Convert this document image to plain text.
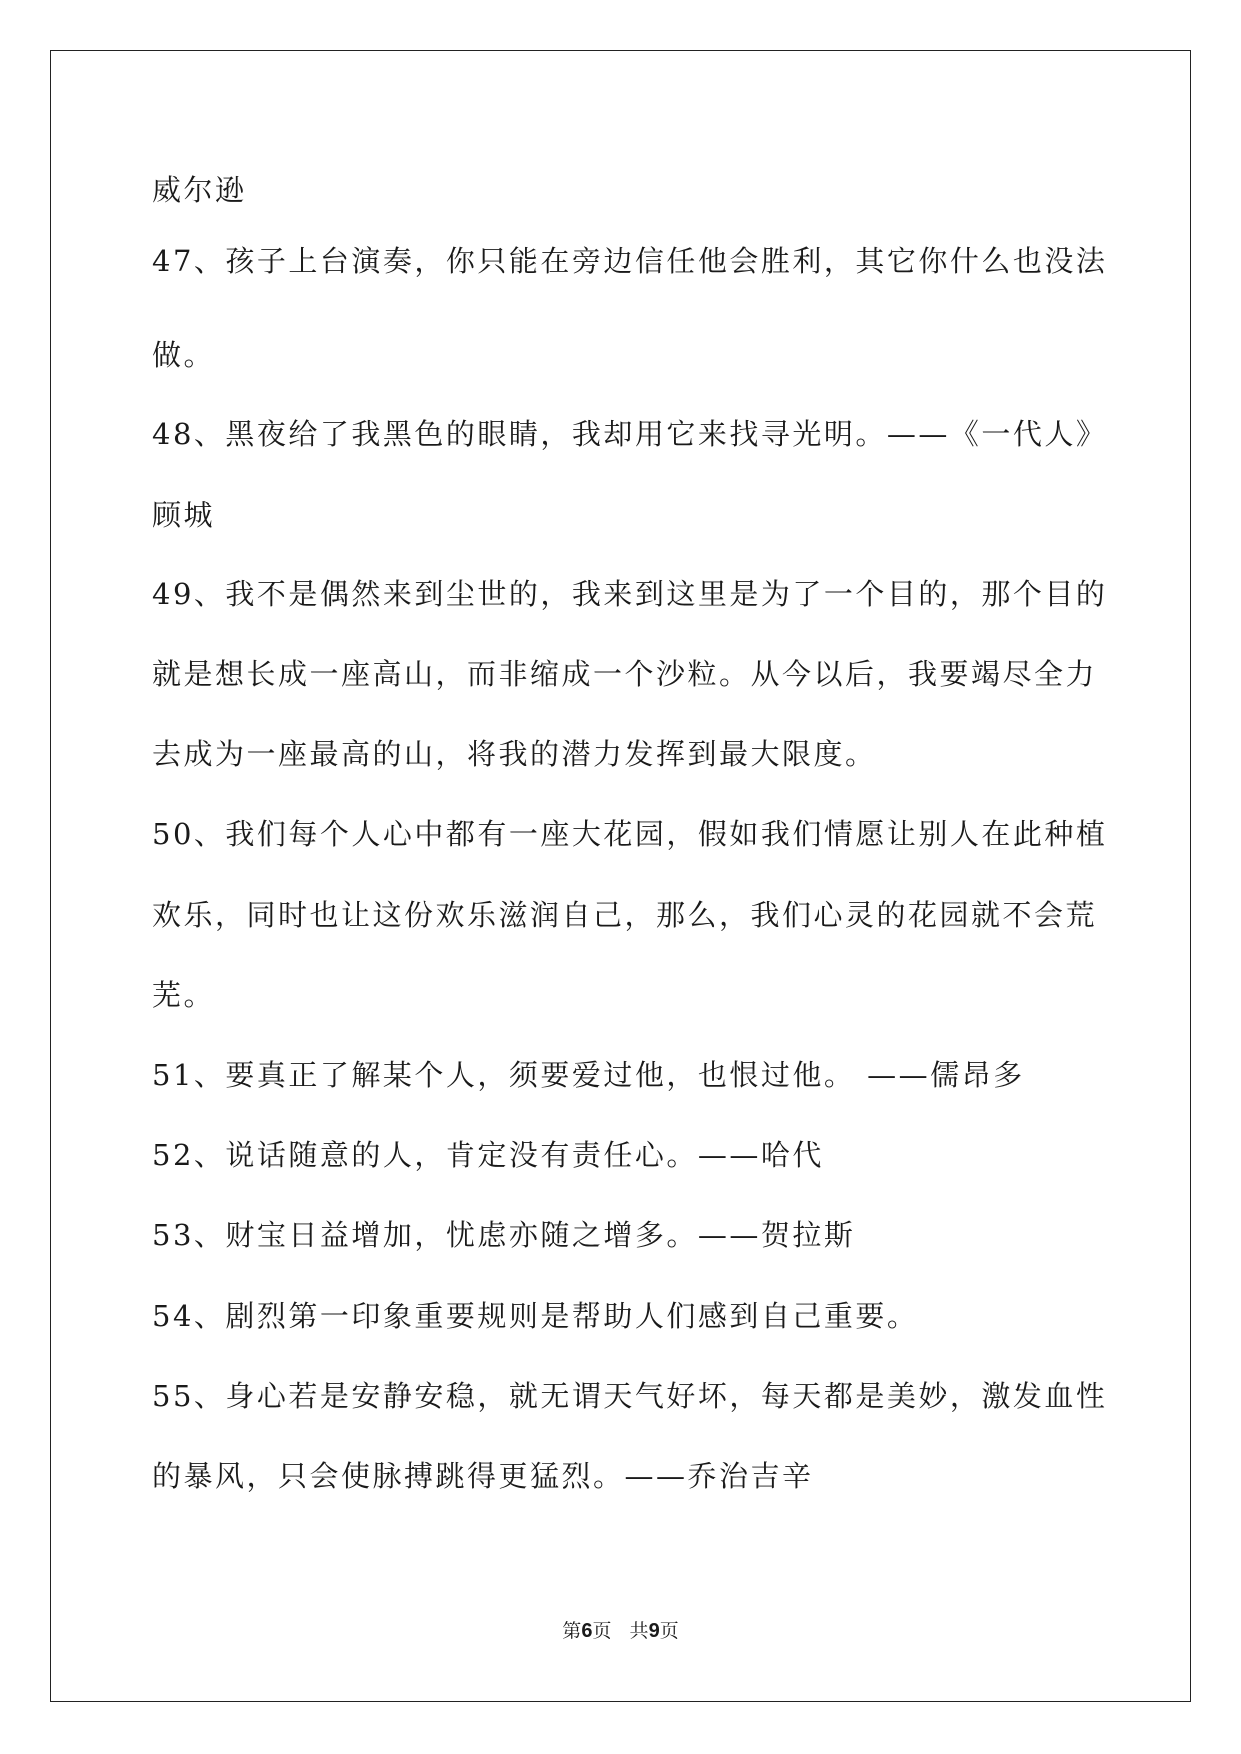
威尔逊
47、孩子上台演奏，你只能在旁边信任他会胜利，其它你什么也没法
做。
48、黑夜给了我黑色的眼睛，我却用它来找寻光明。——《一代人》
顾城
49、我不是偶然来到尘世的，我来到这里是为了一个目的，那个目的
就是想长成一座高山，而非缩成一个沙粒。从今以后，我要竭尽全力
去成为一座最高的山，将我的潜力发挥到最大限度。
50、我们每个人心中都有一座大花园，假如我们情愿让别人在此种植
欢乐，同时也让这份欢乐滋润自己，那么，我们心灵的花园就不会荒
芜。
51、要真正了解某个人，须要爱过他，也恨过他。 ——儒昂多
52、说话随意的人，肯定没有责任心。——哈代
53、财宝日益增加，忧虑亦随之增多。——贺拉斯
54、剧烈第一印象重要规则是帮助人们感到自己重要。
55、身心若是安静安稳，就无谓天气好坏，每天都是美妙，激发血性
的暴风，只会使脉搏跳得更猛烈。——乔治吉辛
第6页   共9页
